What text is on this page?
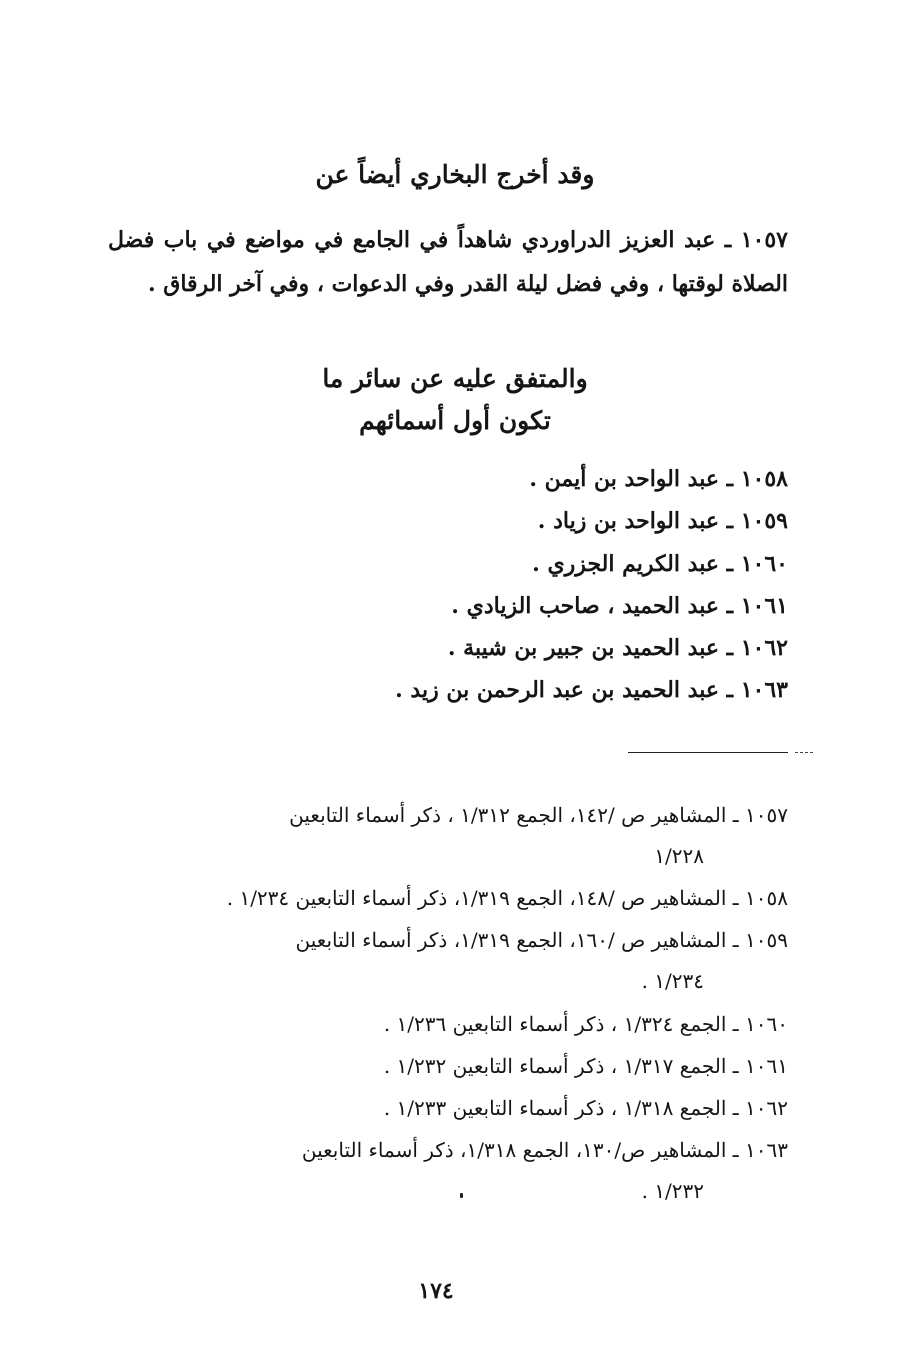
وقد أخرج البخاري أيضاً عن
١٠٥٧ ـ عبد العزيز الدراوردي شاهداً في الجامع في مواضع في باب فضل الصلاة لوقتها ، وفي فضل ليلة القدر وفي الدعوات ، وفي آخر الرقاق .
والمتفق عليه عن سائر ما
تكون أول أسمائهم
١٠٥٨ ـ عبد الواحد بن أيمن .
١٠٥٩ ـ عبد الواحد بن زياد .
١٠٦٠ ـ عبد الكريم الجزري .
١٠٦١ ـ عبد الحميد ، صاحب الزيادي .
١٠٦٢ ـ عبد الحميد بن جبير بن شيبة .
١٠٦٣ ـ عبد الحميد بن عبد الرحمن بن زيد .
١٠٥٧ ـ المشاهير ص /١٤٢، الجمع ١/٣١٢ ، ذكر أسماء التابعين
١/٢٢٨
١٠٥٨ ـ المشاهير ص /١٤٨، الجمع ١/٣١٩، ذكر أسماء التابعين ١/٢٣٤ .
١٠٥٩ ـ المشاهير ص /١٦٠، الجمع ١/٣١٩، ذكر أسماء التابعين
١/٢٣٤ .
١٠٦٠ ـ الجمع ١/٣٢٤ ، ذكر أسماء التابعين ١/٢٣٦ .
١٠٦١ ـ الجمع ١/٣١٧ ، ذكر أسماء التابعين ١/٢٣٢ .
١٠٦٢ ـ الجمع ١/٣١٨ ، ذكر أسماء التابعين ١/٢٣٣ .
١٠٦٣ ـ المشاهير ص/١٣٠، الجمع ١/٣١٨، ذكر أسماء التابعين
١/٢٣٢ .
١٧٤
